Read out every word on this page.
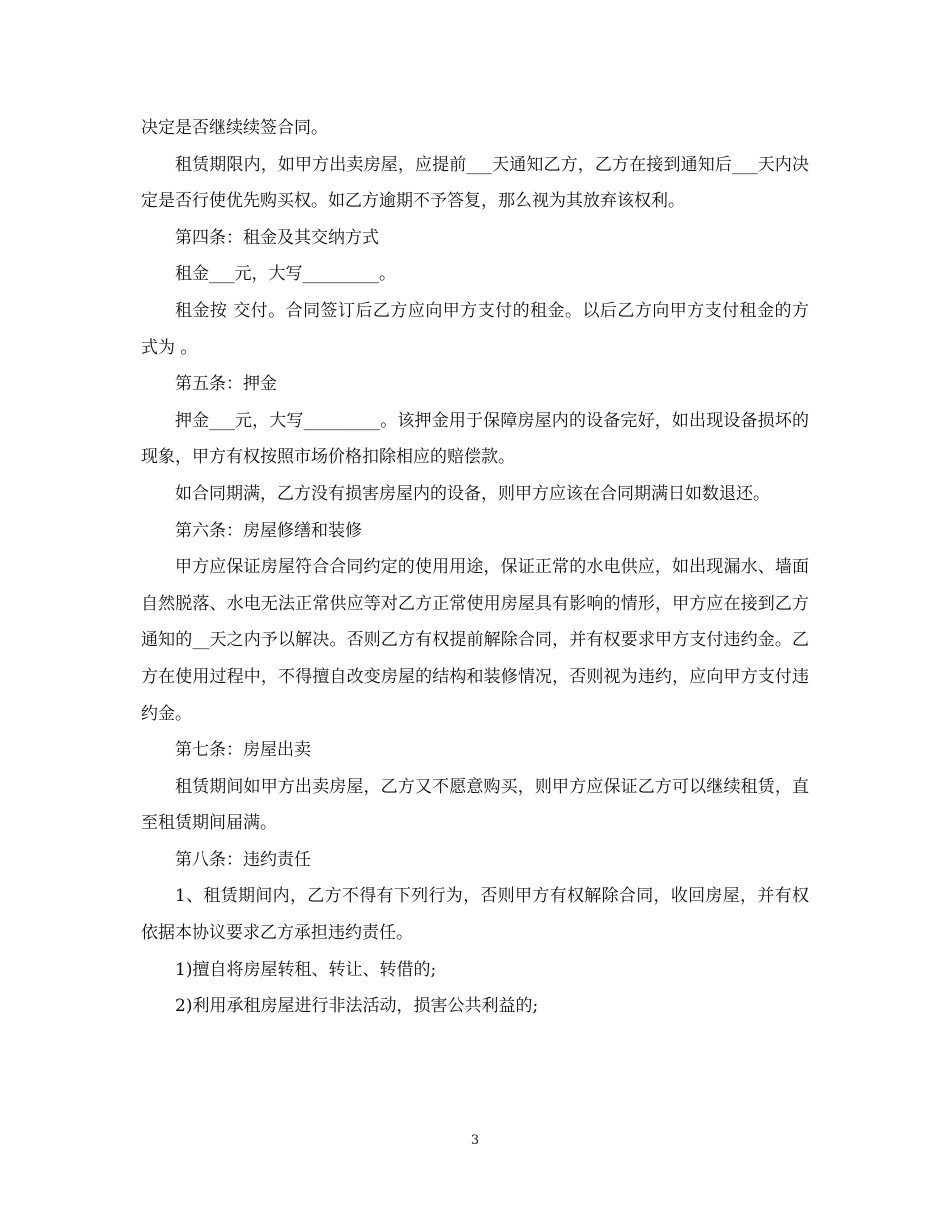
决定是否继续续签合同。

租赁期限内，如甲方出卖房屋，应提前___天通知乙方，乙方在接到通知后___天内决定是否行使优先购买权。如乙方逾期不予答复，那么视为其放弃该权利。

第四条：租金及其交纳方式

租金___元，大写_________。

租金按 交付。合同签订后乙方应向甲方支付的租金。以后乙方向甲方支付租金的方式为 。

第五条：押金

押金___元，大写_________。该押金用于保障房屋内的设备完好，如出现设备损坏的现象，甲方有权按照市场价格扣除相应的赔偿款。

如合同期满，乙方没有损害房屋内的设备，则甲方应该在合同期满日如数退还。

第六条：房屋修缮和装修

甲方应保证房屋符合合同约定的使用用途，保证正常的水电供应，如出现漏水、墙面自然脱落、水电无法正常供应等对乙方正常使用房屋具有影响的情形，甲方应在接到乙方通知的__天之内予以解决。否则乙方有权提前解除合同，并有权要求甲方支付违约金。乙方在使用过程中，不得擅自改变房屋的结构和装修情况，否则视为违约，应向甲方支付违约金。

第七条：房屋出卖

租赁期间如甲方出卖房屋，乙方又不愿意购买，则甲方应保证乙方可以继续租赁，直至租赁期间届满。

第八条：违约责任

1、租赁期间内，乙方不得有下列行为，否则甲方有权解除合同，收回房屋，并有权依据本协议要求乙方承担违约责任。

1)擅自将房屋转租、转让、转借的;

2)利用承租房屋进行非法活动，损害公共利益的;

3
